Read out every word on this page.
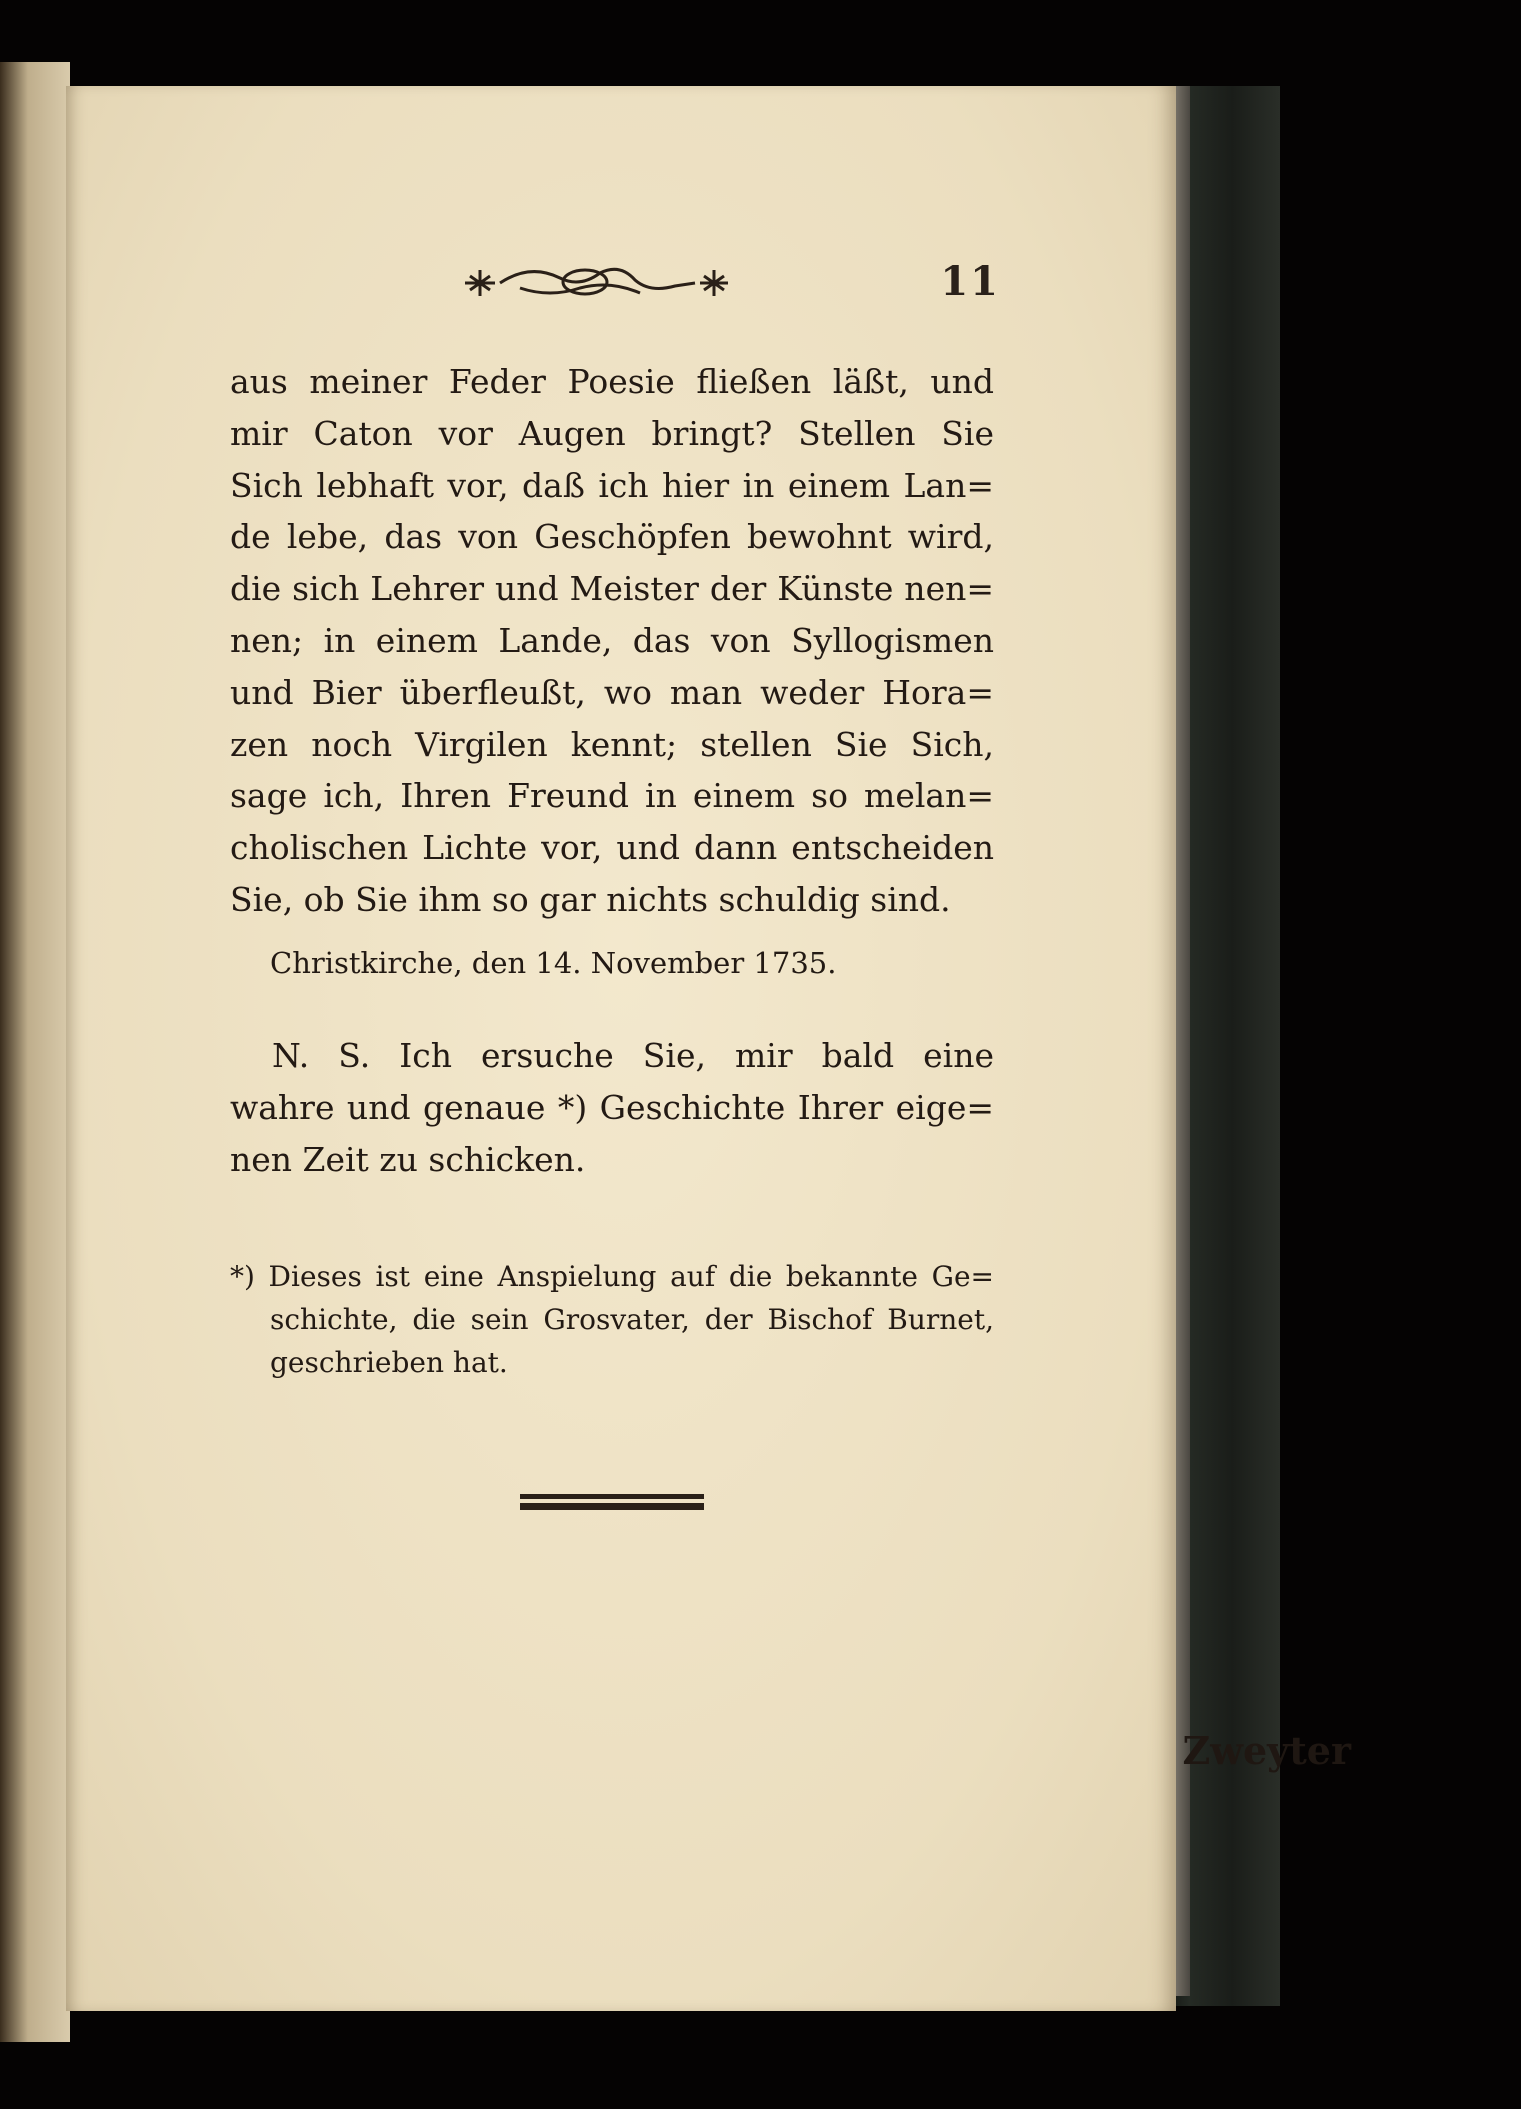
11
aus meiner Feder Poesie fließen läßt, und
mir Caton vor Augen bringt? Stellen Sie
Sich lebhaft vor, daß ich hier in einem Lan=
de lebe, das von Geschöpfen bewohnt wird,
die sich Lehrer und Meister der Künste nen=
nen; in einem Lande, das von Syllogismen
und Bier überfleußt, wo man weder Hora=
zen noch Virgilen kennt; stellen Sie Sich,
sage ich, Ihren Freund in einem so melan=
cholischen Lichte vor, und dann entscheiden
Sie, ob Sie ihm so gar nichts schuldig sind.
Christkirche, den 14. November 1735.
N. S. Ich ersuche Sie, mir bald eine
wahre und genaue *) Geschichte Ihrer eige=
nen Zeit zu schicken.
*) Dieses ist eine Anspielung auf die bekannte Ge=
schichte, die sein Grosvater, der Bischof Burnet,
geschrieben hat.
Zweyter
